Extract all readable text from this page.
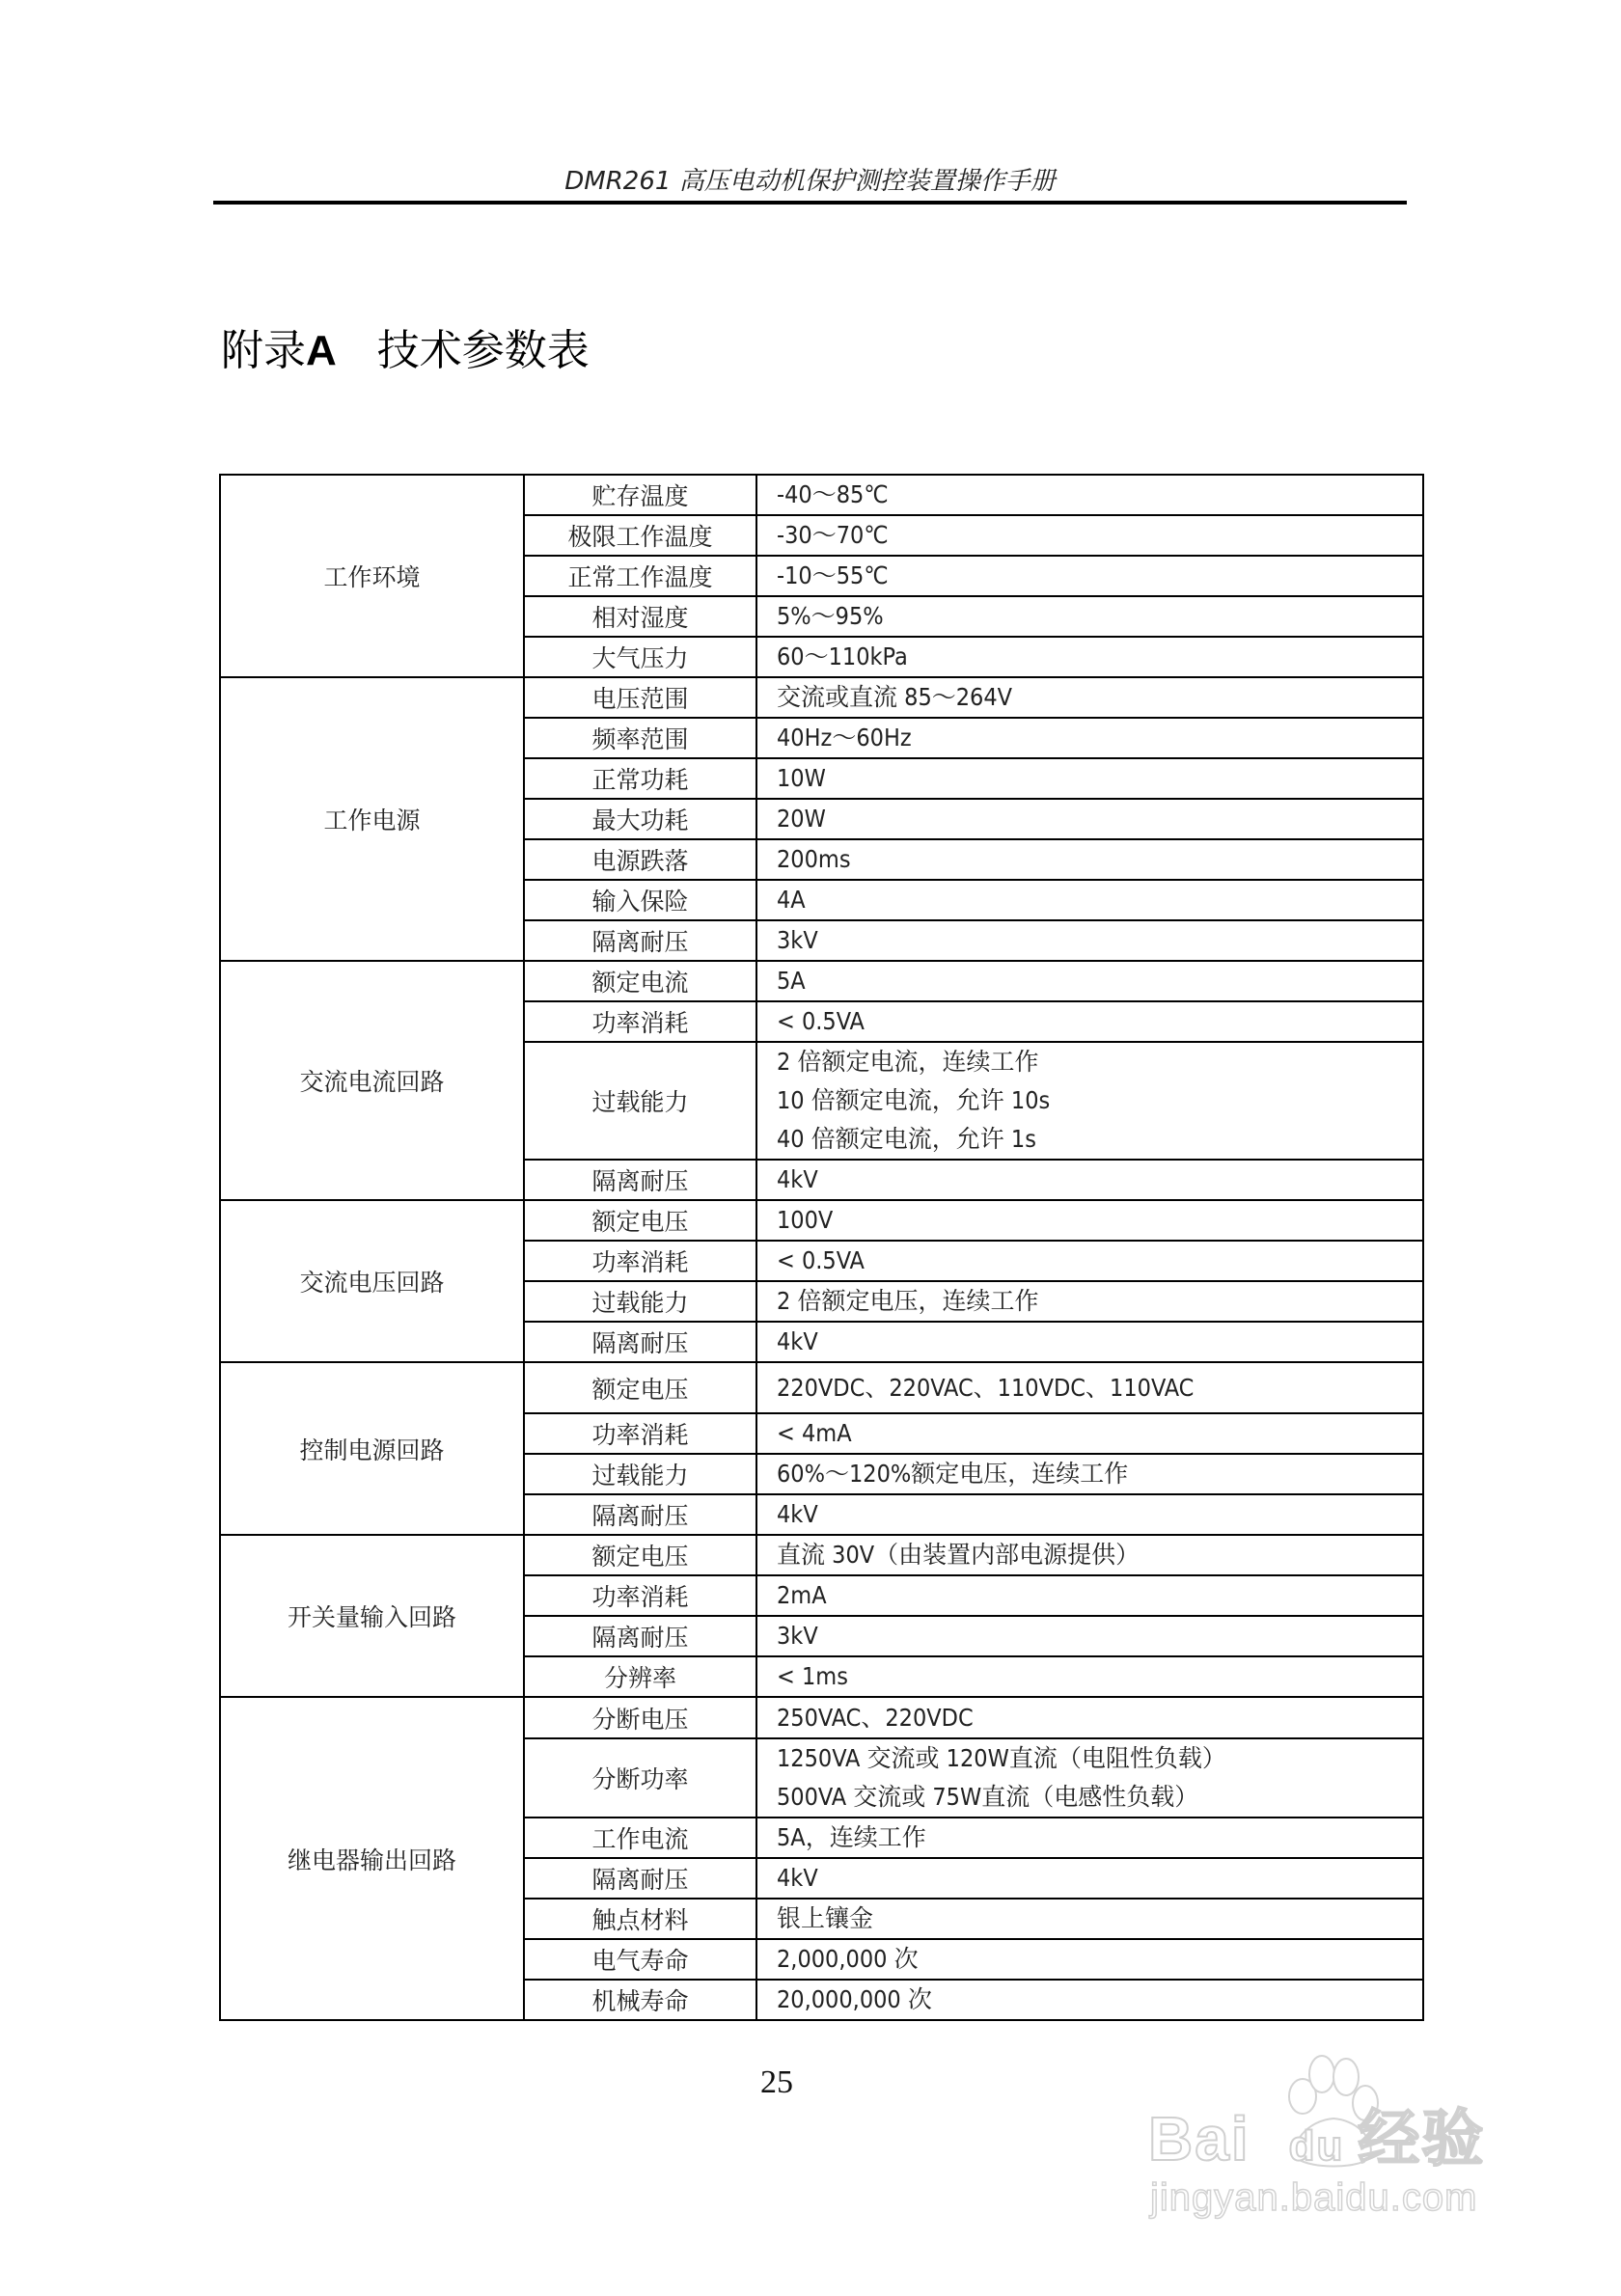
DMR261 高压电动机保护测控装置操作手册
附录A 技术参数表
工作环境	贮存温度	-40～85℃

	极限工作温度	-30～70℃

	正常工作温度	-10～55℃

	相对湿度	5%～95%

	大气压力	60～110kPa

工作电源	电压范围	交流或直流 85～264V

	频率范围	40Hz～60Hz

	正常功耗	10W

	最大功耗	20W

	电源跌落	200ms

	输入保险	4A

	隔离耐压	3kV

交流电流回路	额定电流	5A

	功率消耗	< 0.5VA

	过载能力	2 倍额定电流，连续工作
10 倍额定电流，允许 10s
40 倍额定电流，允许 1s

	隔离耐压	4kV

交流电压回路	额定电压	100V

	功率消耗	< 0.5VA

	过载能力	2 倍额定电压，连续工作

	隔离耐压	4kV

控制电源回路	额定电压	220VDC、220VAC、110VDC、110VAC

	功率消耗	< 4mA

	过载能力	60%～120%额定电压，连续工作

	隔离耐压	4kV

开关量输入回路	额定电压	直流 30V（由装置内部电源提供）

	功率消耗	2mA

	隔离耐压	3kV

	分辨率	< 1ms

继电器输出回路	分断电压	250VAC、220VDC

	分断功率	1250VA 交流或 120W直流（电阻性负载）
500VA 交流或 75W直流（电感性负载）

	工作电流	5A，连续工作

	隔离耐压	4kV

	触点材料	银上镶金

	电气寿命	2,000,000 次

	机械寿命	20,000,000 次
25
Bai du 经验
jingyan.baidu.com
